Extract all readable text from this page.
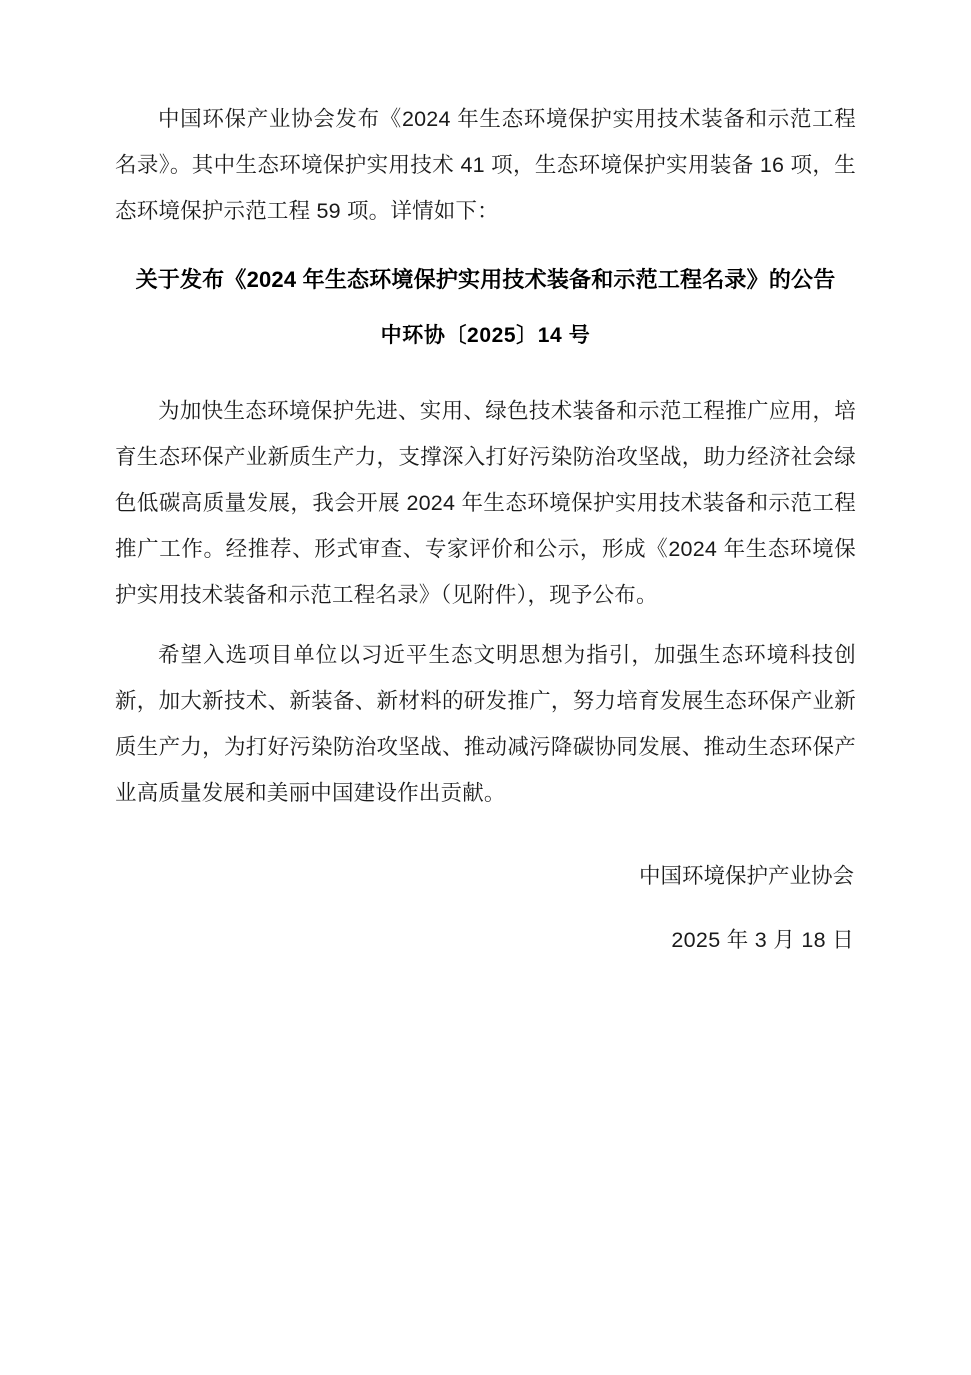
中国环保产业协会发布《2024 年生态环境保护实用技术装备和示范工程名录》。其中生态环境保护实用技术 41 项，生态环境保护实用装备 16 项，生态环境保护示范工程 59 项。详情如下：

关于发布《2024 年生态环境保护实用技术装备和示范工程名录》的公告
中环协〔2025〕14 号

为加快生态环境保护先进、实用、绿色技术装备和示范工程推广应用，培育生态环保产业新质生产力，支撑深入打好污染防治攻坚战，助力经济社会绿色低碳高质量发展，我会开展 2024 年生态环境保护实用技术装备和示范工程推广工作。经推荐、形式审查、专家评价和公示，形成《2024 年生态环境保护实用技术装备和示范工程名录》（见附件），现予公布。

希望入选项目单位以习近平生态文明思想为指引，加强生态环境科技创新，加大新技术、新装备、新材料的研发推广，努力培育发展生态环保产业新质生产力，为打好污染防治攻坚战、推动减污降碳协同发展、推动生态环保产业高质量发展和美丽中国建设作出贡献。

中国环境保护产业协会

2025 年 3 月 18 日
